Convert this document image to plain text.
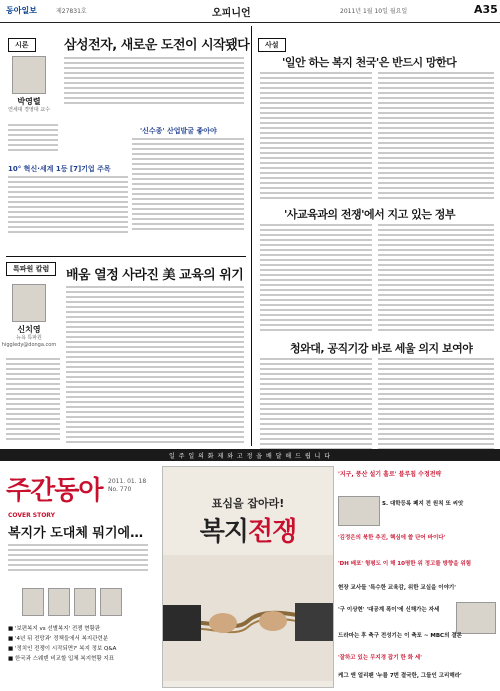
동아일보	제27831호	오피니언	2011년 1월 10일 월요일	A35
시론
박영렬
연세대 경영대 교수
삼성전자, 새로운 도전이 시작됐다
10° 혁신·세계 1등 [7]기업 주목
'신수종' 산업발굴 좋아야
특파원 칼럼	배움 열정 사라진 美 교육의 위기
신치영
뉴욕 특파원
higgledy@donga.com
사설
'일안 하는 복지 천국'은 반드시 망한다
'사교육과의 전쟁'에서 지고 있는 정부
청와대, 공직기강 바로 세울 의지 보여야
일 주 일 의 화 제 와 고 정 을 배 달 해 드 립 니 다
주간동아 2011. 01. 18 No. 770
COVER STORY
복지가 도대체 뭐기에…
■ '보편복지 vs 선별복지' 전쟁 현황판
■ '4년 뒤 전망과' 정책들에서 복지관련분
■ '정치인 전쟁이 시작되면?' 복지 정보 Q&A
■ 한국과 스웨덴 비교할 입체 복지현황 지표
표심을 잡아라!
복지전쟁
'지구, 풍산 설기 흘로' 블루칩 수정전략
S. 대학등록 폐지 전 원칙 또 씨앗
'김정은의 북한 추진, 핵심에 쓸 단어 바이다'
'DH 배포' 형평도 이 해 10명한 위 정고를 방향을 위험
현장 교사들 '특수한 교육감, 위한 교실을 이야기'
'구 이상현' '대공계 폭이'에 신해가는 자세
드라마는 후 축구 전성기는 이 축포 ~ MBC의 결론
'잘하고 있는 무지경 잡기 한 화 세'
케그 앤 얼리팬 '누를 7번 결국한, 그들인 고리해라'
